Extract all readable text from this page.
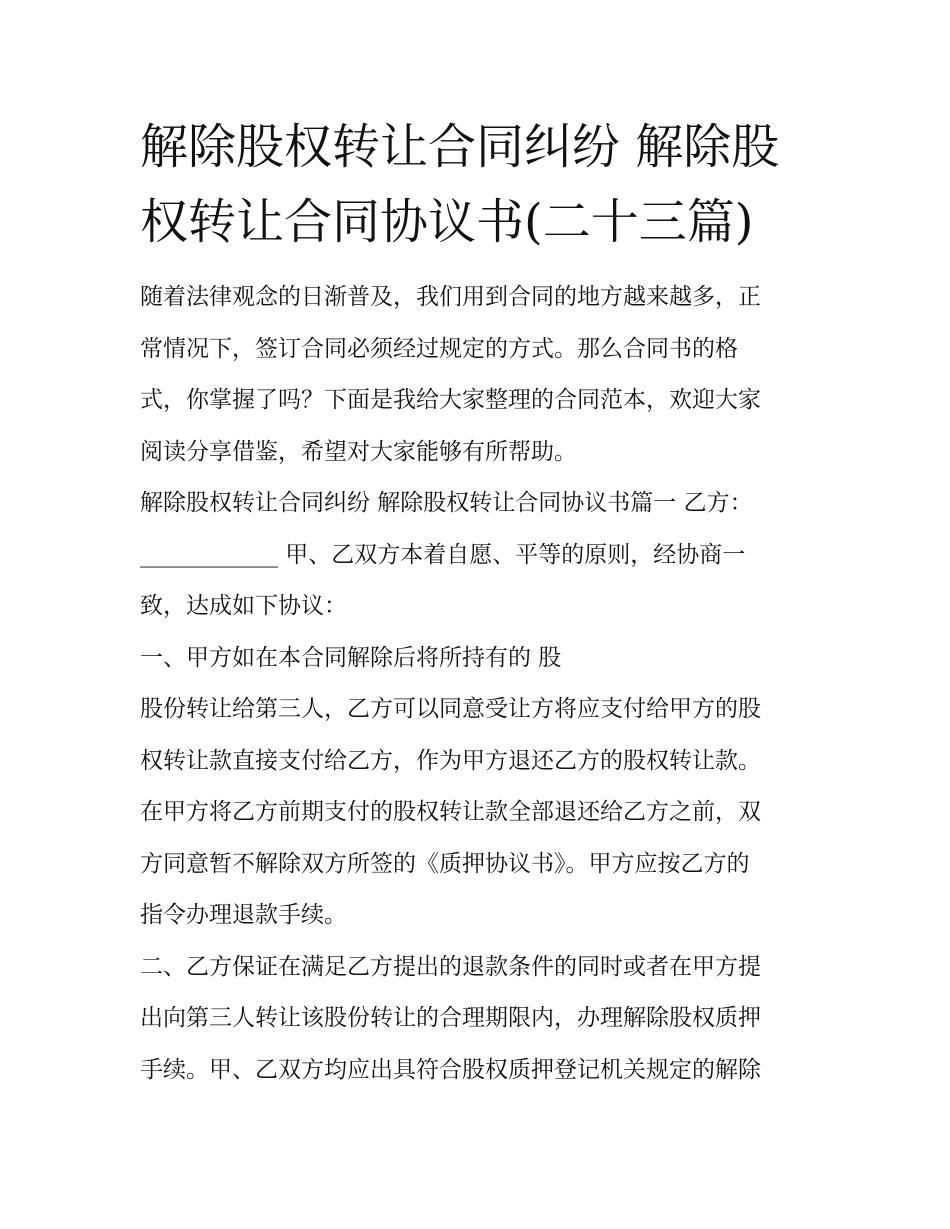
解除股权转让合同纠纷 解除股
权转让合同协议书(二十三篇)
随着法律观念的日渐普及，我们用到合同的地方越来越多，正
常情况下，签订合同必须经过规定的方式。那么合同书的格
式，你掌握了吗？下面是我给大家整理的合同范本，欢迎大家
阅读分享借鉴，希望对大家能够有所帮助。
解除股权转让合同纠纷 解除股权转让合同协议书篇一 乙方：
____________ 甲、乙双方本着自愿、平等的原则，经协商一
致，达成如下协议：
一、甲方如在本合同解除后将所持有的 股
股份转让给第三人，乙方可以同意受让方将应支付给甲方的股
权转让款直接支付给乙方，作为甲方退还乙方的股权转让款。
在甲方将乙方前期支付的股权转让款全部退还给乙方之前，双
方同意暂不解除双方所签的《质押协议书》。甲方应按乙方的
指令办理退款手续。
二、乙方保证在满足乙方提出的退款条件的同时或者在甲方提
出向第三人转让该股份转让的合理期限内，办理解除股权质押
手续。甲、乙双方均应出具符合股权质押登记机关规定的解除
